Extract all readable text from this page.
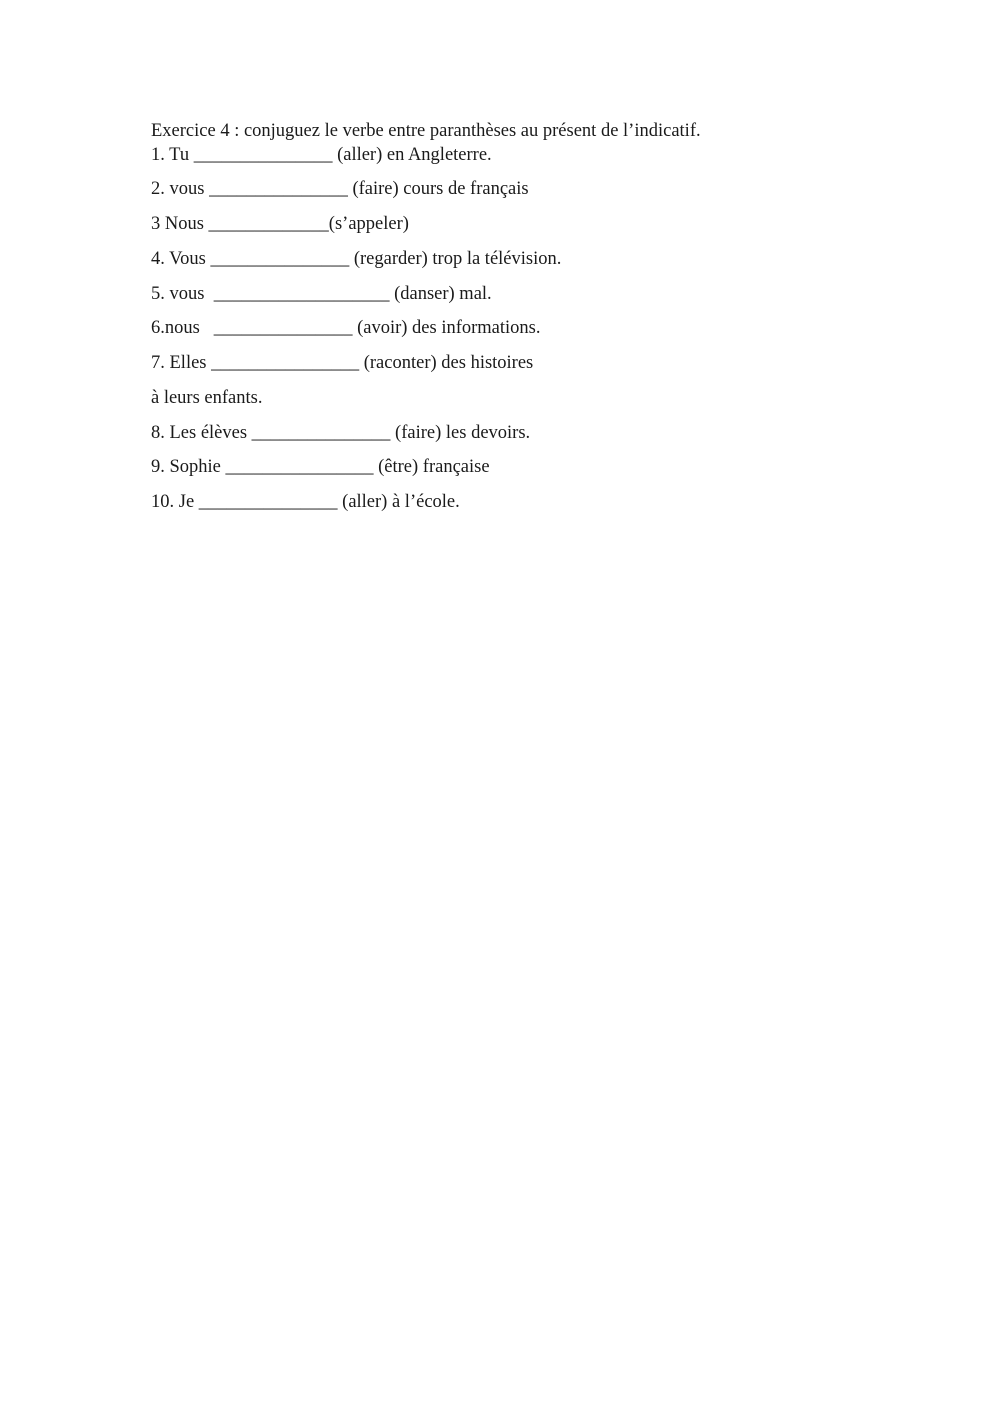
Exercice 4 : conjuguez le verbe entre paranthèses au présent de l’indicatif.

1. Tu _______________ (aller) en Angleterre.

2. vous _______________ (faire) cours de français

3 Nous _____________(s’appeler)

4. Vous _______________ (regarder) trop la télévision.

5. vous  ___________________ (danser) mal.

6.nous   _______________ (avoir) des informations.

7. Elles ________________ (raconter) des histoires

à leurs enfants.

8. Les élèves _______________ (faire) les devoirs.

9. Sophie ________________ (être) française

10. Je _______________ (aller) à l’école.
